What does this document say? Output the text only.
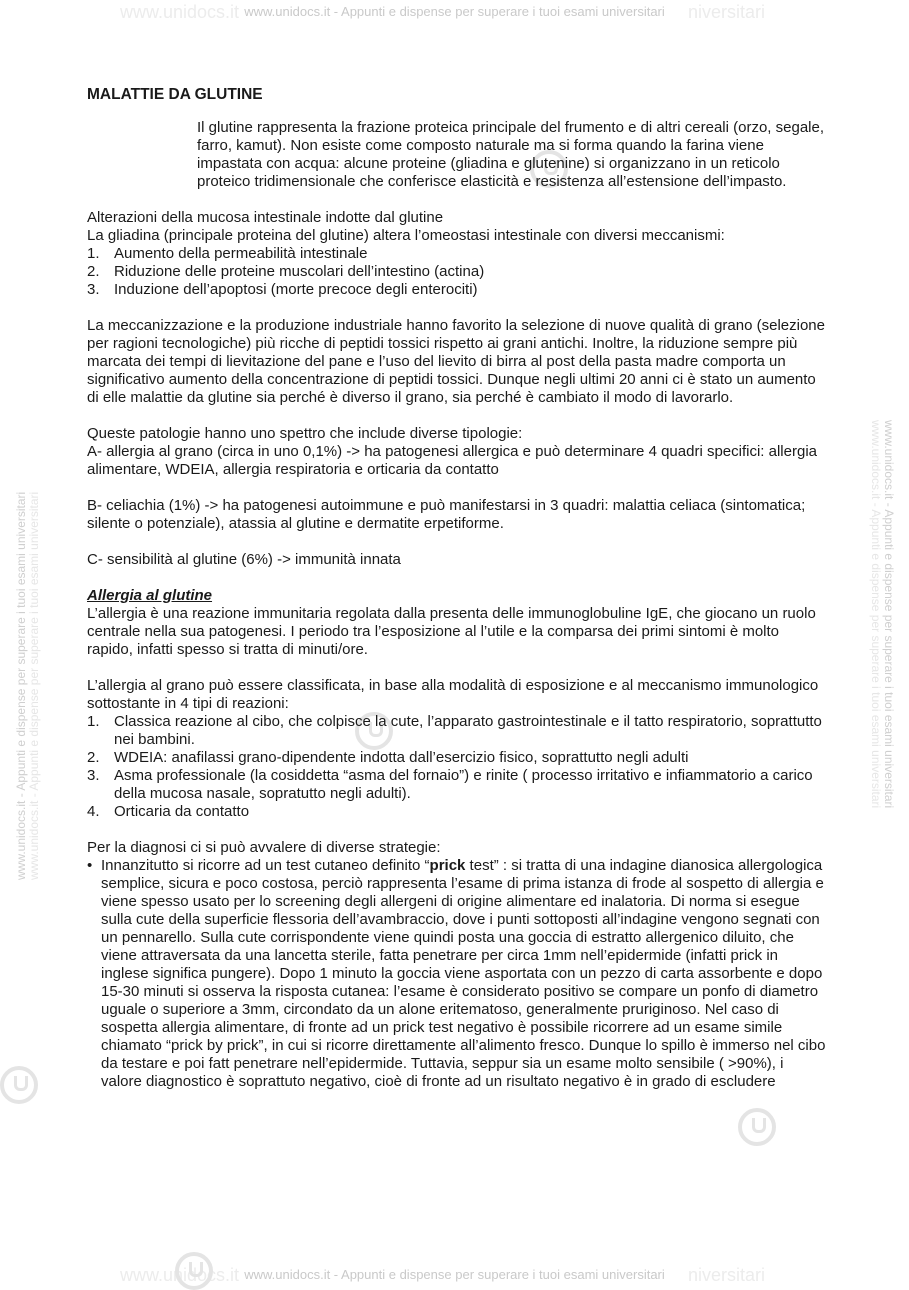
www.unidocs.it - Appunti e dispense per superare i tuoi esami universitari
www.unidocs.it	niversitari
www.unidocs.it - Appunti e dispense per superare i tuoi esami universitari
www.unidocs.it	niversitari
www.unidocs.it - Appunti e dispense per superare i tuoi esami universitari www.unidocs.it - Appunti e dispense per superare i tuoi esami universitari	www.unidocs.it - Appunti e dispense per superare i tuoi esami universitari
www.unidocs.it - Appunti e dispense per superare i tuoi esami universitari
MALATTIE DA GLUTINE

Il glutine rappresenta la frazione proteica principale del frumento e di altri cereali (orzo, segale, farro, kamut). Non esiste come composto naturale ma si forma quando la farina viene impastata con acqua: alcune proteine (gliadina e glutenine) si organizzano in un reticolo proteico tridimensionale che conferisce elasticità e resistenza all’estensione dell’impasto.

Alterazioni della mucosa intestinale indotte dal glutine

La gliadina (principale proteina del glutine) altera l’omeostasi intestinale con diversi meccanismi:

1. Aumento della permeabilità intestinale
2. Riduzione delle proteine muscolari dell’intestino (actina)
3. Induzione dell’apoptosi (morte precoce degli enterociti)

La meccanizzazione e la produzione industriale hanno favorito la selezione di nuove qualità di grano (selezione per ragioni tecnologiche) più ricche di peptidi tossici rispetto ai grani antichi. Inoltre, la riduzione sempre più marcata dei tempi di lievitazione del pane e l’uso del lievito di birra al post della pasta madre comporta un significativo aumento della concentrazione di peptidi tossici. Dunque negli ultimi 20 anni ci è stato un aumento di elle malattie da glutine sia perché è diverso il grano, sia perché è cambiato il modo di lavorarlo.

Queste patologie hanno uno spettro che include diverse tipologie:

A- allergia al grano (circa in uno 0,1%) -> ha patogenesi allergica e può determinare 4 quadri specifici: allergia alimentare, WDEIA, allergia respiratoria e orticaria da contatto

B- celiachia (1%) -> ha patogenesi autoimmune e può manifestarsi in 3 quadri: malattia celiaca (sintomatica; silente o potenziale), atassia al glutine e dermatite erpetiforme.

C- sensibilità al glutine (6%) -> immunità innata

Allergia al glutine

L’allergia è una reazione immunitaria regolata dalla presenta delle immunoglobuline IgE, che giocano un ruolo centrale nella sua patogenesi. I periodo tra l’esposizione al l’utile e la comparsa dei primi sintomi è molto rapido, infatti spesso si tratta di minuti/ore.

L’allergia al grano può essere classificata, in base alla modalità di esposizione e al meccanismo immunologico sottostante in 4 tipi di reazioni:

1. Classica reazione al cibo, che colpisce la cute, l’apparato gastrointestinale e il tatto respiratorio, soprattutto nei bambini.
2. WDEIA: anafilassi grano-dipendente indotta dall’esercizio fisico, soprattutto negli adulti
3. Asma professionale (la cosiddetta “asma del fornaio”) e rinite ( processo irritativo e infiammatorio a carico della mucosa nasale, sopratutto negli adulti).
4. Orticaria da contatto

Per la diagnosi ci si può avvalere di diverse strategie:

• Innanzitutto si ricorre ad un test cutaneo definito “prick test” : si tratta di una indagine dianosica allergologica semplice, sicura e poco costosa, perciò rappresenta l’esame di prima istanza di frode al sospetto di allergia e viene spesso usato per lo screening degli allergeni di origine alimentare ed inalatoria. Di norma si esegue sulla cute della superficie flessoria dell’avambraccio, dove i punti sottoposti all’indagine vengono segnati con un pennarello. Sulla cute corrispondente viene quindi posta una goccia di estratto allergenico diluito, che viene attraversata da una lancetta sterile, fatta penetrare per circa 1mm nell’epidermide (infatti prick in inglese significa pungere). Dopo 1 minuto la goccia viene asportata con un pezzo di carta assorbente e dopo 15-30 minuti si osserva la risposta cutanea: l’esame è considerato positivo se compare un ponfo di diametro uguale o superiore a 3mm, circondato da un alone eritematoso, generalmente pruriginoso. Nel caso di sospetta allergia alimentare, di fronte ad un prick test negativo è possibile ricorrere ad un esame simile chiamato “prick by prick”, in cui si ricorre direttamente all’alimento fresco. Dunque lo spillo è immerso nel cibo da testare e poi fatt penetrare nell’epidermide. Tuttavia, seppur sia un esame molto sensibile ( >90%), i valore diagnostico è soprattuto negativo, cioè di fronte ad un risultato negativo è in grado di escludere
